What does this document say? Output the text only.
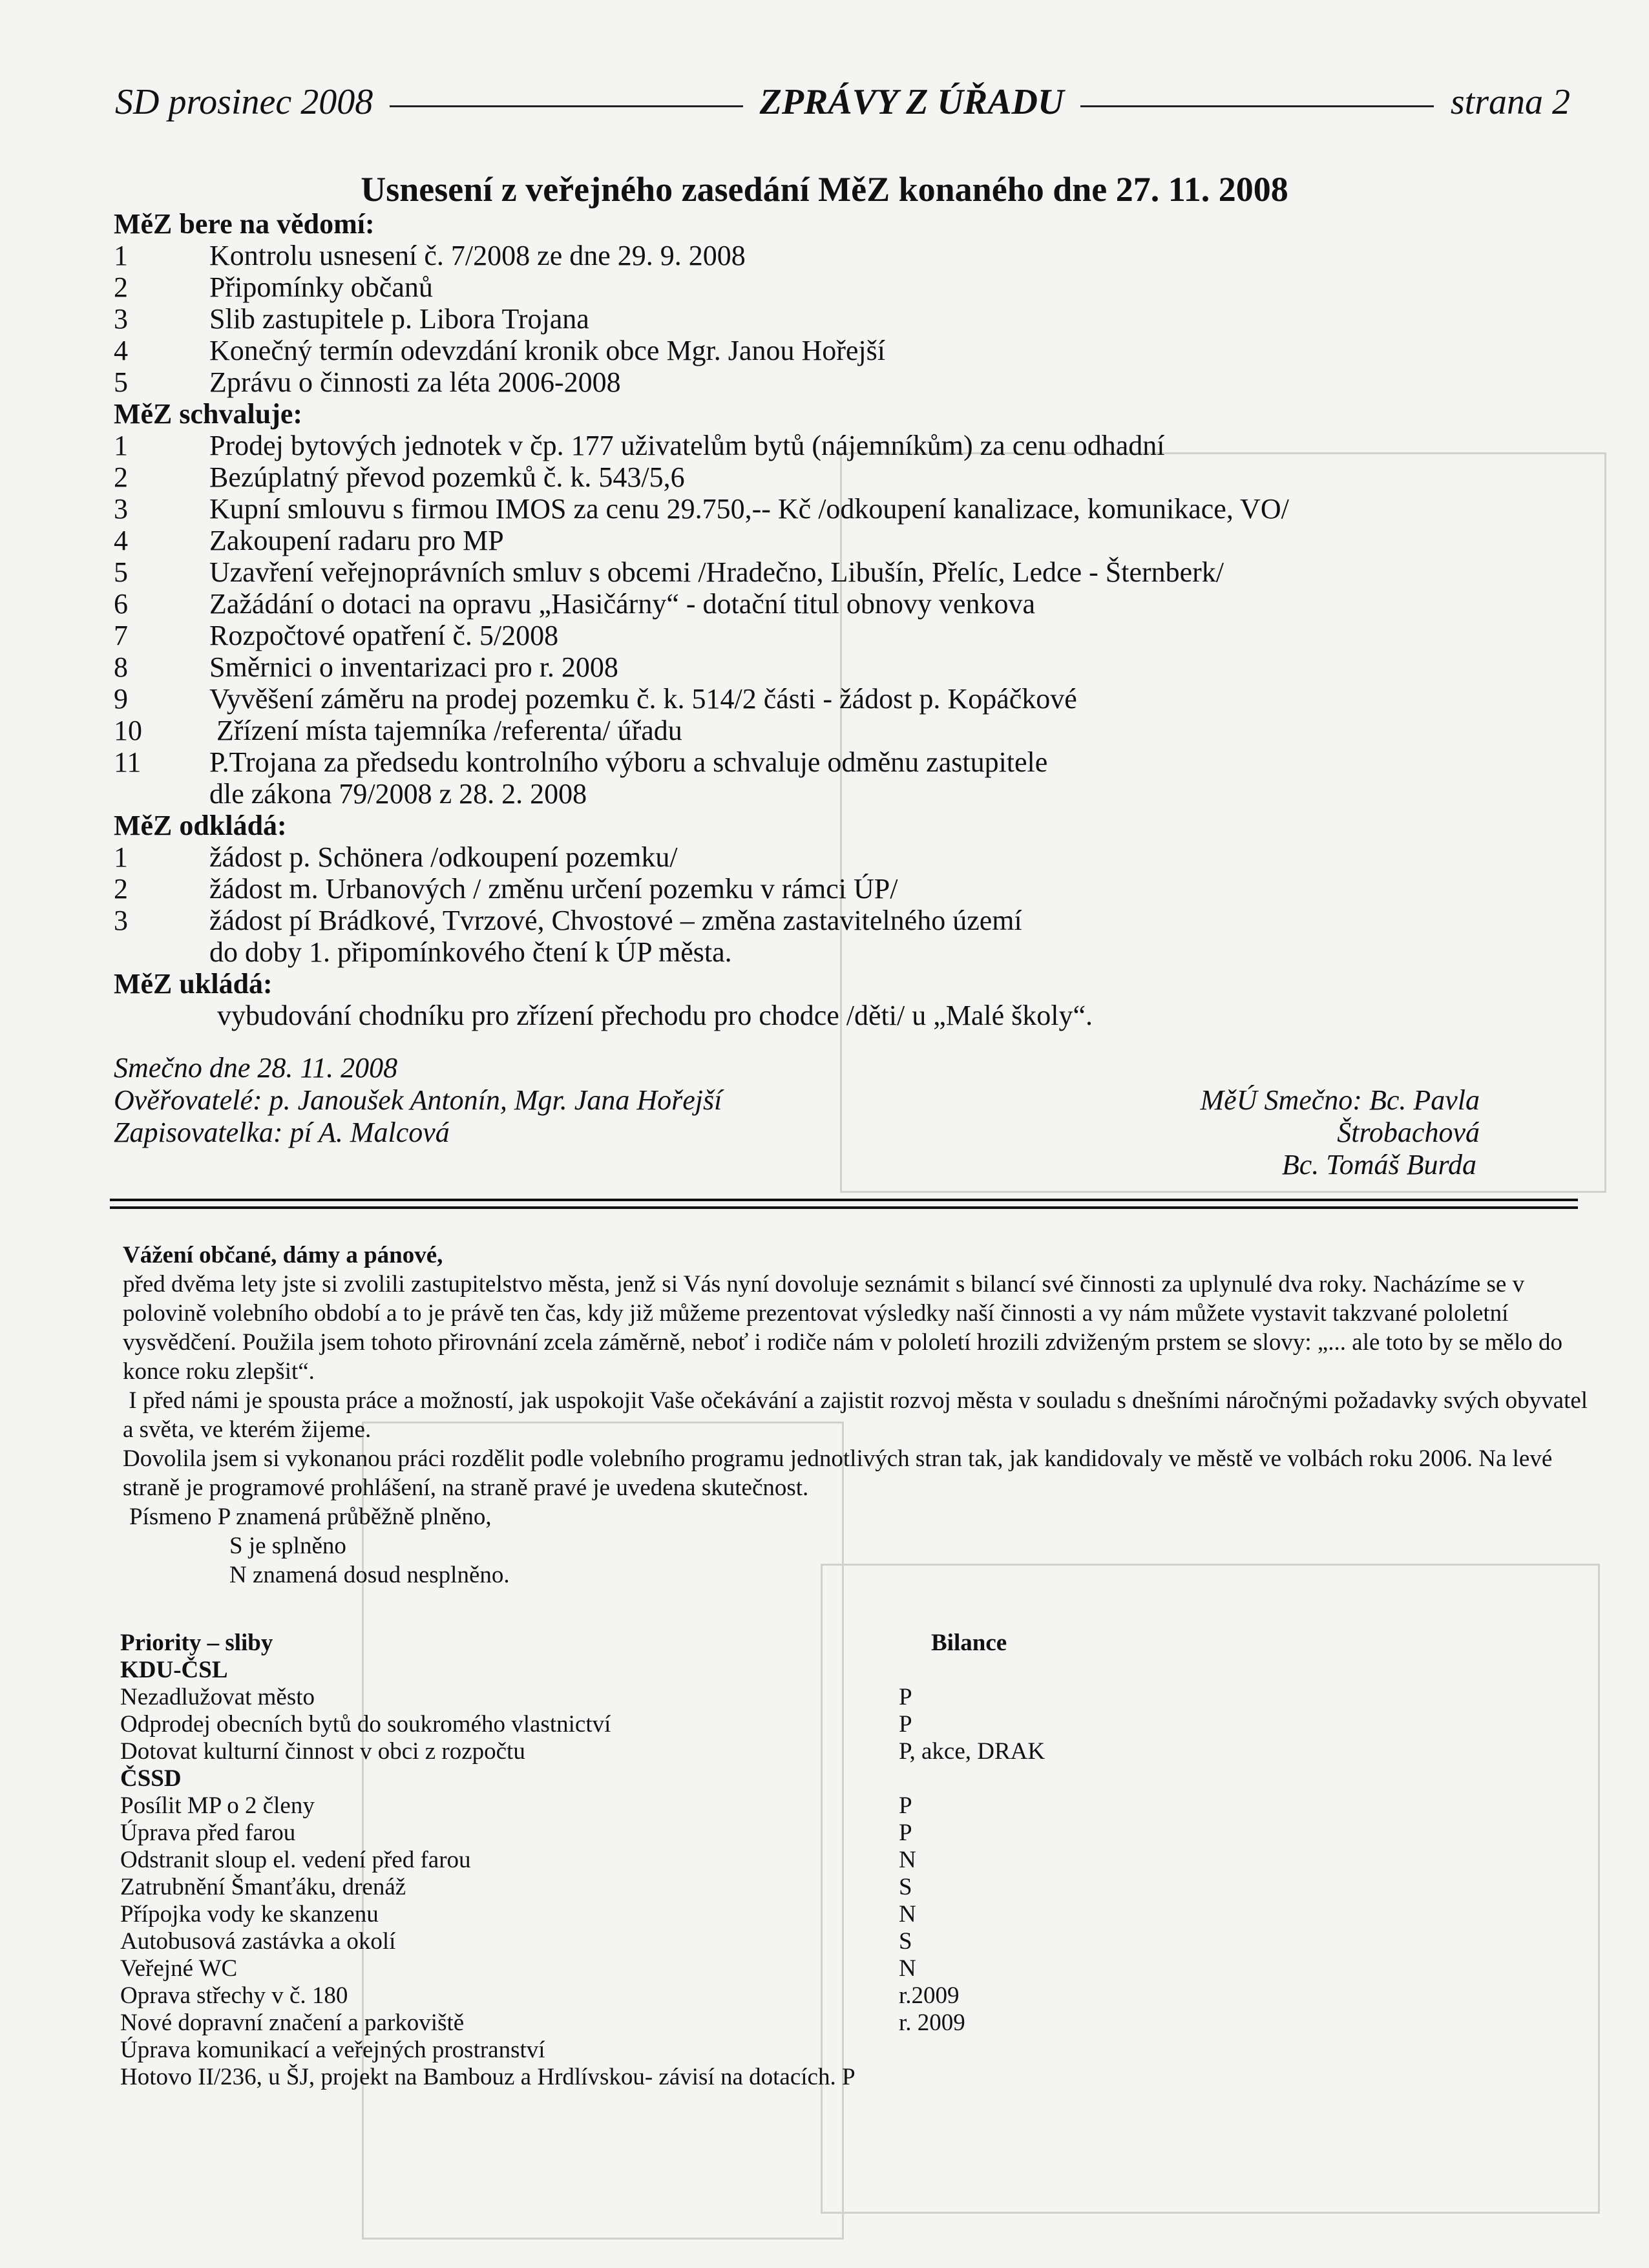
SD prosinec 2008	ZPRÁVY Z ÚŘADU	strana 2
Usnesení z veřejného zasedání MěZ konaného dne 27. 11. 2008
MěZ bere na vědomí:
1	Kontrolu usnesení č. 7/2008 ze dne 29. 9. 2008
2	Připomínky občanů
3	Slib zastupitele p. Libora Trojana
4	Konečný termín odevzdání kronik obce Mgr. Janou Hořejší
5	Zprávu o činnosti za léta 2006-2008
MěZ schvaluje:
1	Prodej bytových jednotek v čp. 177 uživatelům bytů (nájemníkům) za cenu odhadní
2	Bezúplatný převod pozemků č. k. 543/5,6
3	Kupní smlouvu s firmou IMOS za cenu 29.750,-- Kč /odkoupení kanalizace, komunikace, VO/
4	Zakoupení radaru pro MP
5	Uzavření veřejnoprávních smluv s obcemi /Hradečno, Libušín, Přelíc, Ledce - Šternberk/
6	Zažádání o dotaci na opravu „Hasičárny“ - dotační titul obnovy venkova
7	Rozpočtové opatření č. 5/2008
8	Směrnici o inventarizaci pro r. 2008
9	Vyvěšení záměru na prodej pozemku č. k. 514/2 části - žádost p. Kopáčkové
10	Zřízení místa tajemníka /referenta/ úřadu
11	P.Trojana za předsedu kontrolního výboru a schvaluje odměnu zastupitele
dle zákona 79/2008 z 28. 2. 2008
MěZ odkládá:
1	žádost p. Schönera /odkoupení pozemku/
2	žádost m. Urbanových / změnu určení pozemku v rámci ÚP/
3	žádost pí Brádkové, Tvrzové, Chvostové – změna zastavitelného území
do doby 1. připomínkového čtení k ÚP města.
MěZ ukládá:
vybudování chodníku pro zřízení přechodu pro chodce /děti/ u „Malé školy“.
Smečno dne 28. 11. 2008
Ověřovatelé: p. Janoušek Antonín, Mgr. Jana Hořejší
Zapisovatelka: pí A. Malcová
MěÚ Smečno: Bc. Pavla Štrobachová
Bc. Tomáš Burda
Vážení občané, dámy a pánové,
před dvěma lety jste si zvolili zastupitelstvo města, jenž si Vás nyní dovoluje seznámit s bilancí své činnosti za uplynulé dva roky. Nacházíme se v polovině volebního období a to je právě ten čas, kdy již můžeme prezentovat výsledky naší činnosti a vy nám můžete vystavit takzvané pololetní vysvědčení. Použila jsem tohoto přirovnání zcela záměrně, neboť i rodiče nám v pololetí hrozili zdviženým prstem se slovy: „... ale toto by se mělo do konce roku zlepšit“.
I před námi je spousta práce a možností, jak uspokojit Vaše očekávání a zajistit rozvoj města v souladu s dnešními náročnými požadavky svých obyvatel a světa, ve kterém žijeme.
Dovolila jsem si vykonanou práci rozdělit podle volebního programu jednotlivých stran tak, jak kandidovaly ve městě ve volbách roku 2006. Na levé straně je programové prohlášení, na straně pravé je uvedena skutečnost.
Písmeno P znamená průběžně plněno,
S je splněno
N znamená dosud nesplněno.
Priority – sliby	Bilance
KDU-ČSL
Nezadlužovat město	P
Odprodej obecních bytů do soukromého vlastnictví	P
Dotovat kulturní činnost v obci z rozpočtu	P, akce, DRAK
ČSSD
Posílit MP o 2 členy	P
Úprava před farou	P
Odstranit sloup el. vedení před farou	N
Zatrubnění Šmanťáku, drenáž	S
Přípojka vody ke skanzenu	N
Autobusová zastávka a okolí	S
Veřejné WC	N
Oprava střechy v č. 180	r.2009
Nové dopravní značení a parkoviště	r. 2009
Úprava komunikací a veřejných prostranství
Hotovo II/236, u ŠJ, projekt na Bambouz a Hrdlívskou- závisí na dotacích. P
